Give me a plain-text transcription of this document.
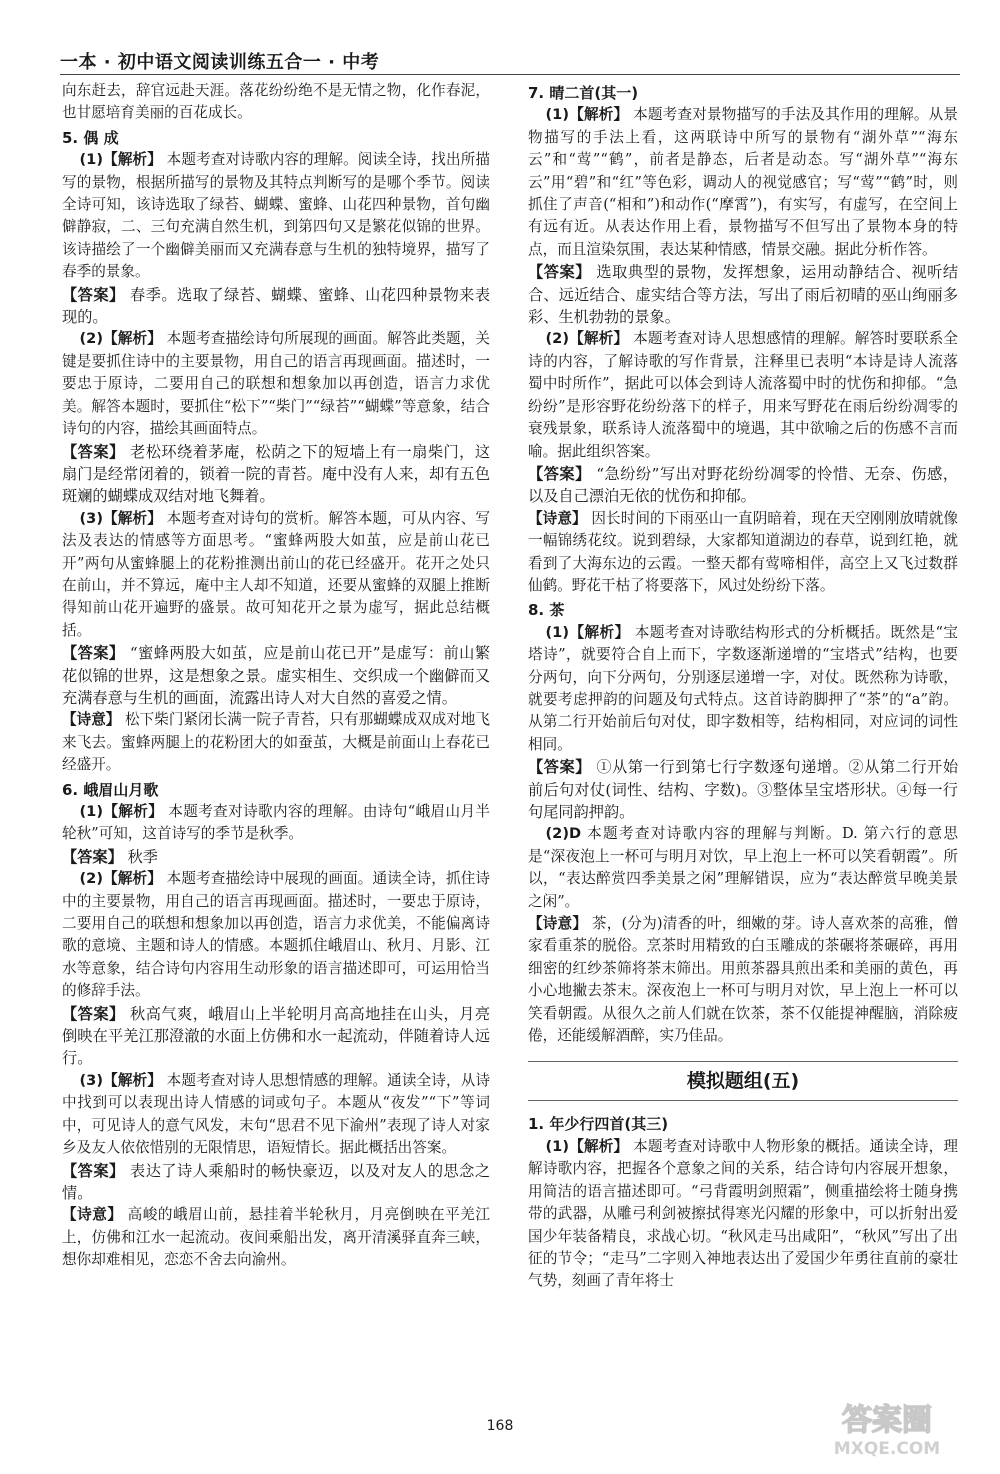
一本 · 初中语文阅读训练五合一 · 中考

向东赶去，辞官远赴天涯。落花纷纷绝不是无情之物，化作春泥，也甘愿培育美丽的百花成长。

5. 偶 成

(1)【解析】 本题考查对诗歌内容的理解。阅读全诗，找出所描写的景物，根据所描写的景物及其特点判断写的是哪个季节。阅读全诗可知，该诗选取了绿苔、蝴蝶、蜜蜂、山花四种景物，首句幽僻静寂，二、三句充满自然生机，到第四句又是繁花似锦的世界。该诗描绘了一个幽僻美丽而又充满春意与生机的独特境界，描写了春季的景象。

【答案】 春季。选取了绿苔、蝴蝶、蜜蜂、山花四种景物来表现的。

(2)【解析】 本题考查描绘诗句所展现的画面。解答此类题，关键是要抓住诗中的主要景物，用自己的语言再现画面。描述时，一要忠于原诗，二要用自己的联想和想象加以再创造，语言力求优美。解答本题时，要抓住“松下”“柴门”“绿苔”“蝴蝶”等意象，结合诗句的内容，描绘其画面特点。

【答案】 老松环绕着茅庵，松荫之下的短墙上有一扇柴门，这扇门是经常闭着的，锁着一院的青苔。庵中没有人来，却有五色斑斓的蝴蝶成双结对地飞舞着。

(3)【解析】 本题考查对诗句的赏析。解答本题，可从内容、写法及表达的情感等方面思考。“蜜蜂两股大如茧，应是前山花已开”两句从蜜蜂腿上的花粉推测出前山的花已经盛开。花开之处只在前山，并不算远，庵中主人却不知道，还要从蜜蜂的双腿上推断得知前山花开遍野的盛景。故可知花开之景为虚写，据此总结概括。

【答案】 “蜜蜂两股大如茧，应是前山花已开”是虚写：前山繁花似锦的世界，这是想象之景。虚实相生、交织成一个幽僻而又充满春意与生机的画面，流露出诗人对大自然的喜爱之情。

【诗意】 松下柴门紧闭长满一院子青苔，只有那蝴蝶成双成对地飞来飞去。蜜蜂两腿上的花粉团大的如蚕茧，大概是前面山上春花已经盛开。

6. 峨眉山月歌

(1)【解析】 本题考查对诗歌内容的理解。由诗句“峨眉山月半轮秋”可知，这首诗写的季节是秋季。

【答案】 秋季

(2)【解析】 本题考查描绘诗中展现的画面。通读全诗，抓住诗中的主要景物，用自己的语言再现画面。描述时，一要忠于原诗，二要用自己的联想和想象加以再创造，语言力求优美，不能偏离诗歌的意境、主题和诗人的情感。本题抓住峨眉山、秋月、月影、江水等意象，结合诗句内容用生动形象的语言描述即可，可运用恰当的修辞手法。

【答案】 秋高气爽，峨眉山上半轮明月高高地挂在山头，月亮倒映在平羌江那澄澈的水面上仿佛和水一起流动，伴随着诗人远行。

(3)【解析】 本题考查对诗人思想情感的理解。通读全诗，从诗中找到可以表现出诗人情感的词或句子。本题从“夜发”“下”等词中，可见诗人的意气风发，末句“思君不见下渝州”表现了诗人对家乡及友人依依惜别的无限情思，语短情长。据此概括出答案。

【答案】 表达了诗人乘船时的畅快豪迈，以及对友人的思念之情。

【诗意】 高峻的峨眉山前，悬挂着半轮秋月，月亮倒映在平羌江上，仿佛和江水一起流动。夜间乘船出发，离开清溪驿直奔三峡，想你却难相见，恋恋不舍去向渝州。

7. 晴二首(其一)

(1)【解析】 本题考查对景物描写的手法及其作用的理解。从景物描写的手法上看，这两联诗中所写的景物有“湖外草”“海东云”和“莺”“鹤”，前者是静态，后者是动态。写“湖外草”“海东云”用“碧”和“红”等色彩，调动人的视觉感官；写“莺”“鹤”时，则抓住了声音(“相和”)和动作(“摩霄”)，有实写，有虚写，在空间上有远有近。从表达作用上看，景物描写不但写出了景物本身的特点，而且渲染氛围，表达某种情感，情景交融。据此分析作答。

【答案】 选取典型的景物，发挥想象，运用动静结合、视听结合、远近结合、虚实结合等方法，写出了雨后初晴的巫山绚丽多彩、生机勃勃的景象。

(2)【解析】 本题考查对诗人思想感情的理解。解答时要联系全诗的内容，了解诗歌的写作背景，注释里已表明“本诗是诗人流落蜀中时所作”，据此可以体会到诗人流落蜀中时的忧伤和抑郁。“急纷纷”是形容野花纷纷落下的样子，用来写野花在雨后纷纷凋零的衰残景象，联系诗人流落蜀中的境遇，其中欲喻之后的伤感不言而喻。据此组织答案。

【答案】 “急纷纷”写出对野花纷纷凋零的怜惜、无奈、伤感，以及自己漂泊无依的忧伤和抑郁。

【诗意】 因长时间的下雨巫山一直阴暗着，现在天空刚刚放晴就像一幅锦绣花纹。说到碧绿，大家都知道湖边的春草，说到红艳，就看到了大海东边的云霞。一整天都有莺啼相伴，高空上又飞过数群仙鹤。野花干枯了将要落下，风过处纷纷下落。

8. 茶

(1)【解析】 本题考查对诗歌结构形式的分析概括。既然是“宝塔诗”，就要符合自上而下，字数逐渐递增的“宝塔式”结构，也要分两句，向下分两句，分别逐层递增一字，对仗。既然称为诗歌，就要考虑押韵的问题及句式特点。这首诗韵脚押了“茶”的“a”韵。从第二行开始前后句对仗，即字数相等，结构相同，对应词的词性相同。

【答案】 ①从第一行到第七行字数逐句递增。②从第二行开始前后句对仗(词性、结构、字数)。③整体呈宝塔形状。④每一行句尾同韵押韵。

(2)D 本题考查对诗歌内容的理解与判断。D. 第六行的意思是“深夜泡上一杯可与明月对饮，早上泡上一杯可以笑看朝霞”。所以，“表达醉赏四季美景之闲”理解错误，应为“表达醉赏早晚美景之闲”。

【诗意】 茶，(分为)清香的叶，细嫩的芽。诗人喜欢茶的高雅，僧家看重茶的脱俗。烹茶时用精致的白玉雕成的茶碾将茶碾碎，再用细密的红纱茶筛将茶末筛出。用煎茶器具煎出柔和美丽的黄色，再小心地撇去茶末。深夜泡上一杯可与明月对饮，早上泡上一杯可以笑看朝霞。从很久之前人们就在饮茶，茶不仅能提神醒脑，消除疲倦，还能缓解酒醉，实乃佳品。

模拟题组(五)
1. 年少行四首(其三)

(1)【解析】 本题考查对诗歌中人物形象的概括。通读全诗，理解诗歌内容，把握各个意象之间的关系，结合诗句内容展开想象，用简洁的语言描述即可。“弓背霞明剑照霜”，侧重描绘将士随身携带的武器，从雕弓利剑被擦拭得寒光闪耀的形象中，可以折射出爱国少年装备精良，求战心切。“秋风走马出咸阳”，“秋风”写出了出征的节令；“走马”二字则入神地表达出了爱国少年勇往直前的豪壮气势，刻画了青年将士

168	答案圈
MXQE.COM
